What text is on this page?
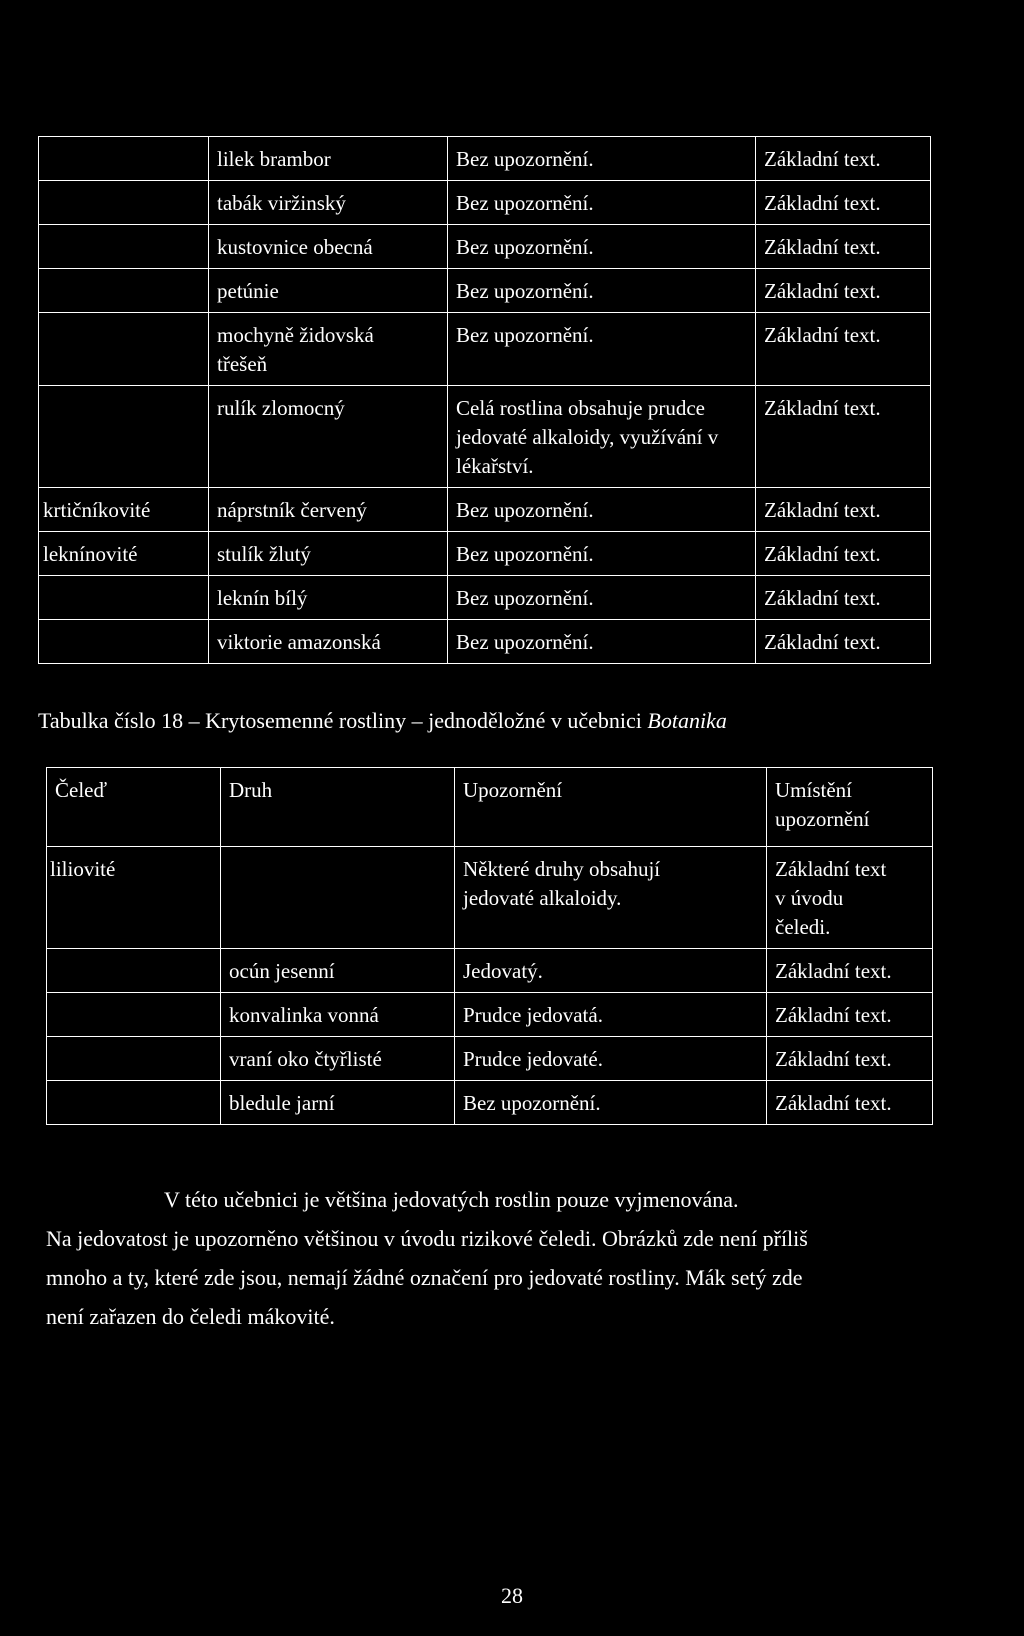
	lilek brambor	Bez upozornění.	Základní text.
	tabák viržinský	Bez upozornění.	Základní text.
	kustovnice obecná	Bez upozornění.	Základní text.
	petúnie	Bez upozornění.	Základní text.
	mochyně židovská třešeň	Bez upozornění.	Základní text.
	rulík zlomocný	Celá rostlina obsahuje prudce jedovaté alkaloidy, využívání v lékařství.	Základní text.
krtičníkovité	náprstník červený	Bez upozornění.	Základní text.
leknínovité	stulík žlutý	Bez upozornění.	Základní text.
	leknín bílý	Bez upozornění.	Základní text.
	viktorie amazonská	Bez upozornění.	Základní text.
Tabulka číslo 18 – Krytosemenné rostliny – jednoděložné v učebnici Botanika
Čeleď	Druh	Upozornění	Umístění upozornění
liliovité		Některé druhy obsahují jedovaté alkaloidy.	Základní text v úvodu čeledi.
	ocún jesenní	Jedovatý.	Základní text.
	konvalinka vonná	Prudce jedovatá.	Základní text.
	vraní oko čtyřlisté	Prudce jedovaté.	Základní text.
	bledule jarní	Bez upozornění.	Základní text.
V této učebnici je většina jedovatých rostlin pouze vyjmenována.
Na jedovatost je upozorněno většinou v úvodu rizikové čeledi. Obrázků zde není příliš
mnoho a ty, které zde jsou, nemají žádné označení pro jedovaté rostliny. Mák setý zde
není zařazen do čeledi mákovité.
28
